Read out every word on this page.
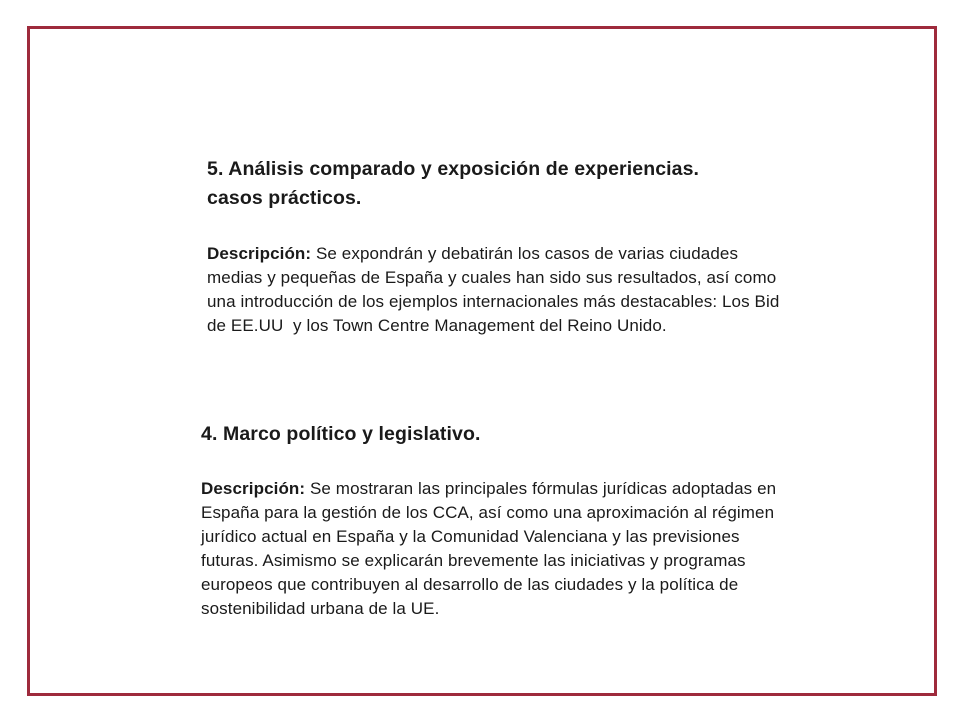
5. Análisis comparado y exposición de experiencias.
casos prácticos.

Descripción: Se expondrán y debatirán los casos de varias ciudades
medias y pequeñas de España y cuales han sido sus resultados, así como
una introducción de los ejemplos internacionales más destacables: Los Bid
de EE.UU  y los Town Centre Management del Reino Unido.

4. Marco político y legislativo.

Descripción: Se mostraran las principales fórmulas jurídicas adoptadas en
España para la gestión de los CCA, así como una aproximación al régimen
jurídico actual en España y la Comunidad Valenciana y las previsiones
futuras. Asimismo se explicarán brevemente las iniciativas y programas
europeos que contribuyen al desarrollo de las ciudades y la política de
sostenibilidad urbana de la UE.
